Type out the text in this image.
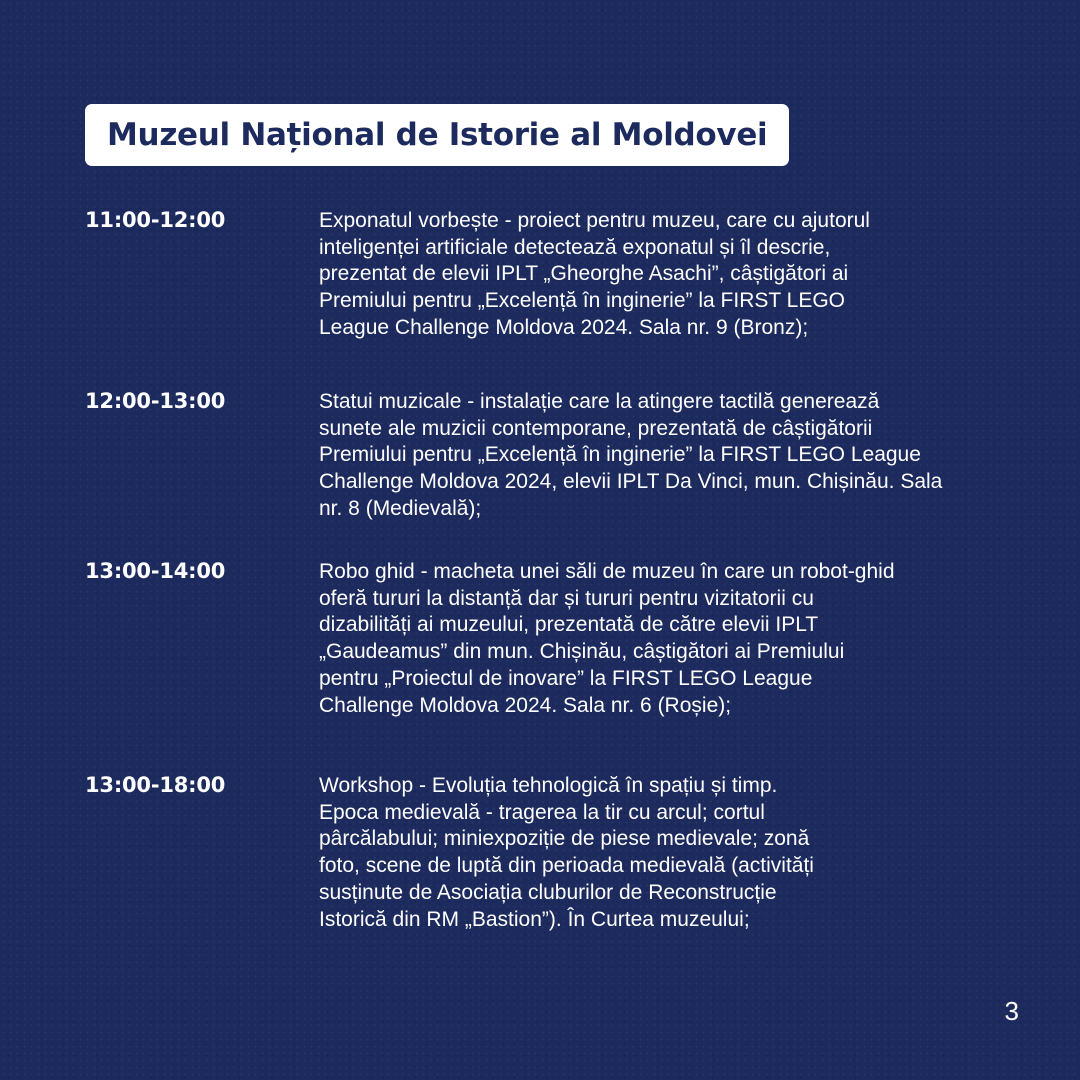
Muzeul Național de Istorie al Moldovei
11:00-12:00	Exponatul vorbește - proiect pentru muzeu, care cu ajutorul
inteligenței artificiale detectează exponatul și îl descrie,
prezentat de elevii IPLT „Gheorghe Asachi”, câștigători ai
Premiului pentru „Excelență în inginerie” la FIRST LEGO
League Challenge Moldova 2024. Sala nr. 9 (Bronz);
12:00-13:00	Statui muzicale - instalație care la atingere tactilă generează
sunete ale muzicii contemporane, prezentată de câștigătorii
Premiului pentru „Excelență în inginerie” la FIRST LEGO League
Challenge Moldova 2024, elevii IPLT Da Vinci, mun. Chișinău. Sala
nr. 8 (Medievală);
13:00-14:00	Robo ghid - macheta unei săli de muzeu în care un robot-ghid
oferă tururi la distanță dar și tururi pentru vizitatorii cu
dizabilități ai muzeului, prezentată de către elevii IPLT
„Gaudeamus” din mun. Chișinău, câștigători ai Premiului
pentru „Proiectul de inovare” la FIRST LEGO League
Challenge Moldova 2024. Sala nr. 6 (Roșie);
13:00-18:00	Workshop - Evoluția tehnologică în spațiu și timp.
Epoca medievală - tragerea la tir cu arcul; cortul
pârcălabului; miniexpoziție de piese medievale; zonă
foto, scene de luptă din perioada medievală (activități
susținute de Asociația cluburilor de Reconstrucție
Istorică din RM „Bastion”). În Curtea muzeului;
3
